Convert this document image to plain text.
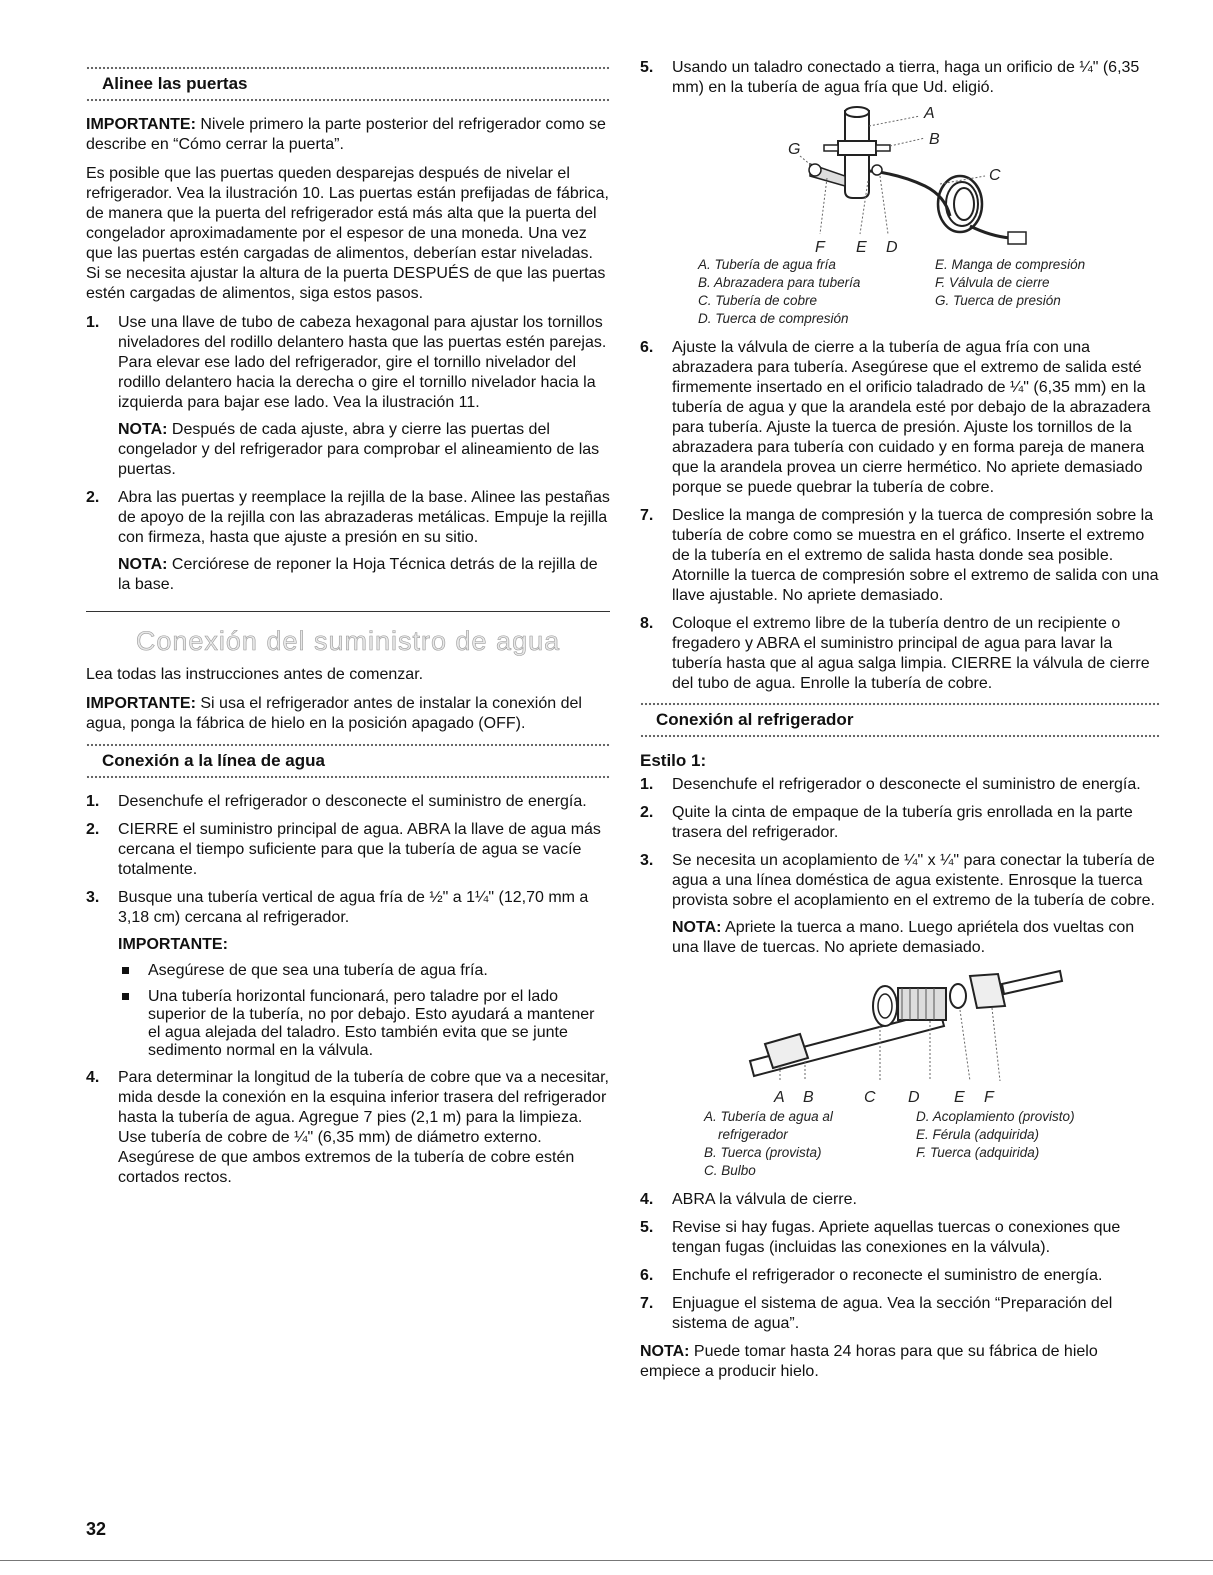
Alinee las puertas

IMPORTANTE: Nivele primero la parte posterior del refrigerador como se describe en “Cómo cerrar la puerta”.

Es posible que las puertas queden desparejas después de nivelar el refrigerador. Vea la ilustración 10. Las puertas están prefijadas de fábrica, de manera que la puerta del refrigerador está más alta que la puerta del congelador aproximadamente por el espesor de una moneda. Una vez que las puertas estén cargadas de alimentos, deberían estar niveladas. Si se necesita ajustar la altura de la puerta DESPUÉS de que las puertas estén cargadas de alimentos, siga estos pasos.

1. Use una llave de tubo de cabeza hexagonal para ajustar los tornillos niveladores del rodillo delantero hasta que las puertas estén parejas. Para elevar ese lado del refrigerador, gire el tornillo nivelador del rodillo delantero hacia la derecha o gire el tornillo nivelador hacia la izquierda para bajar ese lado. Vea la ilustración 11.

NOTA: Después de cada ajuste, abra y cierre las puertas del congelador y del refrigerador para comprobar el alineamiento de las puertas.

2. Abra las puertas y reemplace la rejilla de la base. Alinee las pestañas de apoyo de la rejilla con las abrazaderas metálicas. Empuje la rejilla con firmeza, hasta que ajuste a presión en su sitio.

NOTA: Cerciórese de reponer la Hoja Técnica detrás de la rejilla de la base.

Conexión del suministro de agua

Lea todas las instrucciones antes de comenzar.

IMPORTANTE: Si usa el refrigerador antes de instalar la conexión del agua, ponga la fábrica de hielo en la posición apagado (OFF).

Conexión a la línea de agua
1. Desenchufe el refrigerador o desconecte el suministro de energía.

2. CIERRE el suministro principal de agua. ABRA la llave de agua más cercana el tiempo suficiente para que la tubería de agua se vacíe totalmente.

3. Busque una tubería vertical de agua fría de ½" a 1¼" (12,70 mm a 3,18 cm) cercana al refrigerador.

IMPORTANTE:

Asegúrese de que sea una tubería de agua fría.
Una tubería horizontal funcionará, pero taladre por el lado superior de la tubería, no por debajo. Esto ayudará a mantener el agua alejada del taladro. Esto también evita que se junte sedimento normal en la válvula.
4. Para determinar la longitud de la tubería de cobre que va a necesitar, mida desde la conexión en la esquina inferior trasera del refrigerador hasta la tubería de agua. Agregue 7 pies (2,1 m) para la limpieza. Use tubería de cobre de ¼" (6,35 mm) de diámetro externo. Asegúrese de que ambos extremos de la tubería de cobre estén cortados rectos.

5. Usando un taladro conectado a tierra, haga un orificio de ¼" (6,35 mm) en la tubería de agua fría que Ud. eligió.

A
B
C
G
F E D
A. Tubería de agua fría	E. Manga de compresión
B. Abrazadera para tubería	F. Válvula de cierre
C. Tubería de cobre	G. Tuerca de presión
D. Tuerca de compresión
6. Ajuste la válvula de cierre a la tubería de agua fría con una abrazadera para tubería. Asegúrese que el extremo de salida esté firmemente insertado en el orificio taladrado de ¼" (6,35 mm) en la tubería de agua y que la arandela esté por debajo de la abrazadera para tubería. Ajuste la tuerca de presión. Ajuste los tornillos de la abrazadera para tubería con cuidado y en forma pareja de manera que la arandela provea un cierre hermético. No apriete demasiado porque se puede quebrar la tubería de cobre.

7. Deslice la manga de compresión y la tuerca de compresión sobre la tubería de cobre como se muestra en el gráfico. Inserte el extremo de la tubería en el extremo de salida hasta donde sea posible. Atornille la tuerca de compresión sobre el extremo de salida con una llave ajustable. No apriete demasiado.

8. Coloque el extremo libre de la tubería dentro de un recipiente o fregadero y ABRA el suministro principal de agua para lavar la tubería hasta que al agua salga limpia. CIERRE la válvula de cierre del tubo de agua. Enrolle la tubería de cobre.

Conexión al refrigerador
Estilo 1:
1. Desenchufe el refrigerador o desconecte el suministro de energía.

2. Quite la cinta de empaque de la tubería gris enrollada en la parte trasera del refrigerador.

3. Se necesita un acoplamiento de ¼" x ¼" para conectar la tubería de agua a una línea doméstica de agua existente. Enrosque la tuerca provista sobre el acoplamiento en el extremo de la tubería de cobre.

NOTA: Apriete la tuerca a mano. Luego apriétela dos vueltas con una llave de tuercas. No apriete demasiado.

A B	C D E F
A. Tubería de agua al
refrigerador
B. Tuerca (provista)
C. Bulbo
D. Acoplamiento (provisto)
E. Férula (adquirida)
F. Tuerca (adquirida)
4. ABRA la válvula de cierre.

5. Revise si hay fugas. Apriete aquellas tuercas o conexiones que tengan fugas (incluidas las conexiones en la válvula).

6. Enchufe el refrigerador o reconecte el suministro de energía.

7. Enjuague el sistema de agua. Vea la sección “Preparación del sistema de agua”.

NOTA: Puede tomar hasta 24 horas para que su fábrica de hielo empiece a producir hielo.

32
